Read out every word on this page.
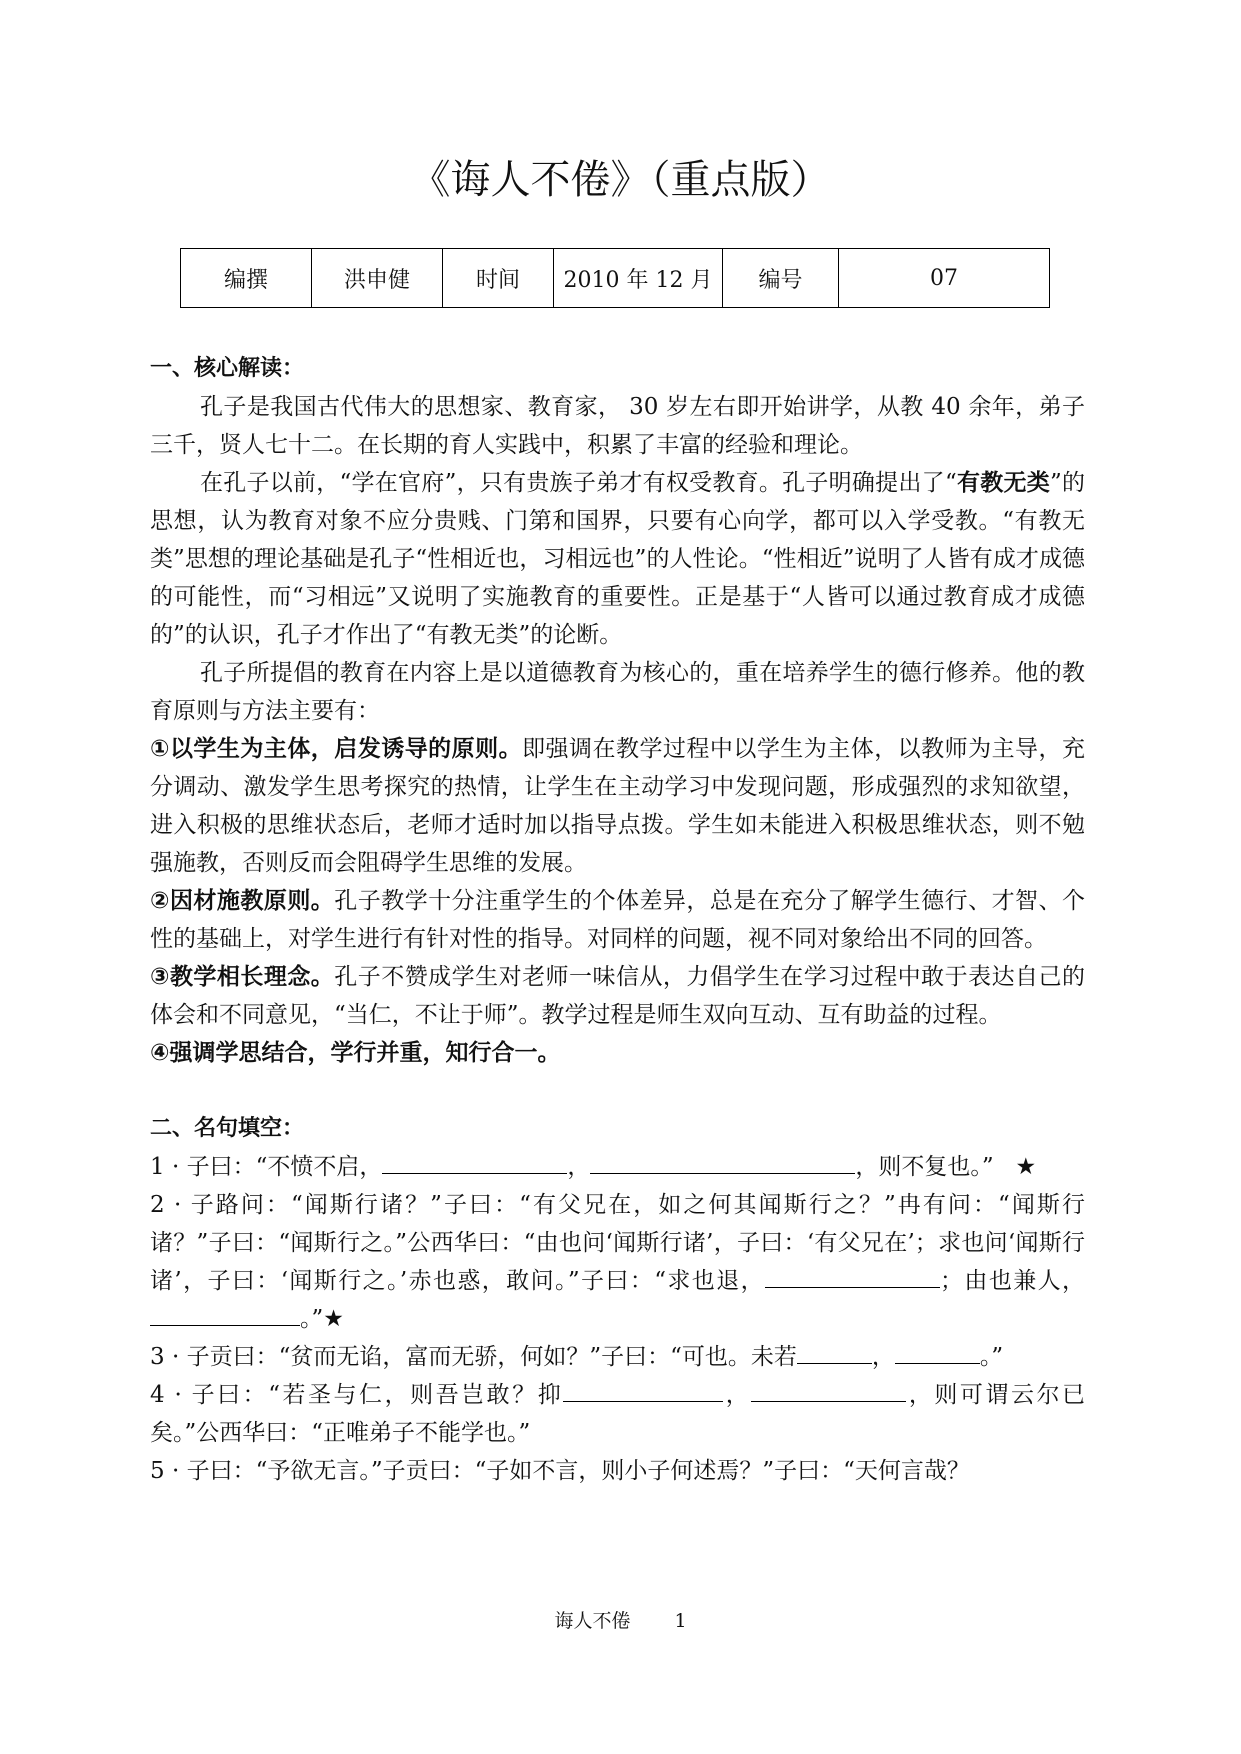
《诲人不倦》（重点版）
编撰	洪申健	时间	2010 年 12 月	编号	07

一、核心解读：

孔子是我国古代伟大的思想家、教育家， 30 岁左右即开始讲学，从教 40 余年，弟子三千，贤人七十二。在长期的育人实践中，积累了丰富的经验和理论。

在孔子以前，“学在官府”，只有贵族子弟才有权受教育。孔子明确提出了“有教无类”的思想，认为教育对象不应分贵贱、门第和国界，只要有心向学，都可以入学受教。“有教无类”思想的理论基础是孔子“性相近也，习相远也”的人性论。“性相近”说明了人皆有成才成德的可能性，而“习相远”又说明了实施教育的重要性。正是基于“人皆可以通过教育成才成德的”的认识，孔子才作出了“有教无类”的论断。

孔子所提倡的教育在内容上是以道德教育为核心的，重在培养学生的德行修养。他的教育原则与方法主要有：

①以学生为主体，启发诱导的原则。即强调在教学过程中以学生为主体，以教师为主导，充分调动、激发学生思考探究的热情，让学生在主动学习中发现问题，形成强烈的求知欲望，进入积极的思维状态后，老师才适时加以指导点拨。学生如未能进入积极思维状态，则不勉强施教，否则反而会阻碍学生思维的发展。

②因材施教原则。孔子教学十分注重学生的个体差异，总是在充分了解学生德行、才智、个性的基础上，对学生进行有针对性的指导。对同样的问题，视不同对象给出不同的回答。

③教学相长理念。孔子不赞成学生对老师一味信从，力倡学生在学习过程中敢于表达自己的体会和不同意见，“当仁，不让于师”。教学过程是师生双向互动、互有助益的过程。

④强调学思结合，学行并重，知行合一。

二、名句填空：

1 · 子曰：“不愤不启，	，	，则不复也。” ★

2 · 子路问：“闻斯行诸？”子曰：“有父兄在，如之何其闻斯行之？”冉有问：“闻斯行诸？”子曰：“闻斯行之。”公西华曰：“由也问‘闻斯行诸’，子曰：‘有父兄在’；求也问‘闻斯行诸’，子曰：‘闻斯行之。’赤也惑，敢问。”子曰：“求也退，	；由也兼人，。”★

3 · 子贡曰：“贫而无谄，富而无骄，何如？”子曰：“可也。未若	，	。”

4 · 子曰：“若圣与仁，则吾岂敢？抑	，	，则可谓云尔已矣。”公西华曰：“正唯弟子不能学也。”

5 · 子曰：“予欲无言。”子贡曰：“子如不言，则小子何述焉？”子曰：“天何言哉？

诲人不倦 1
